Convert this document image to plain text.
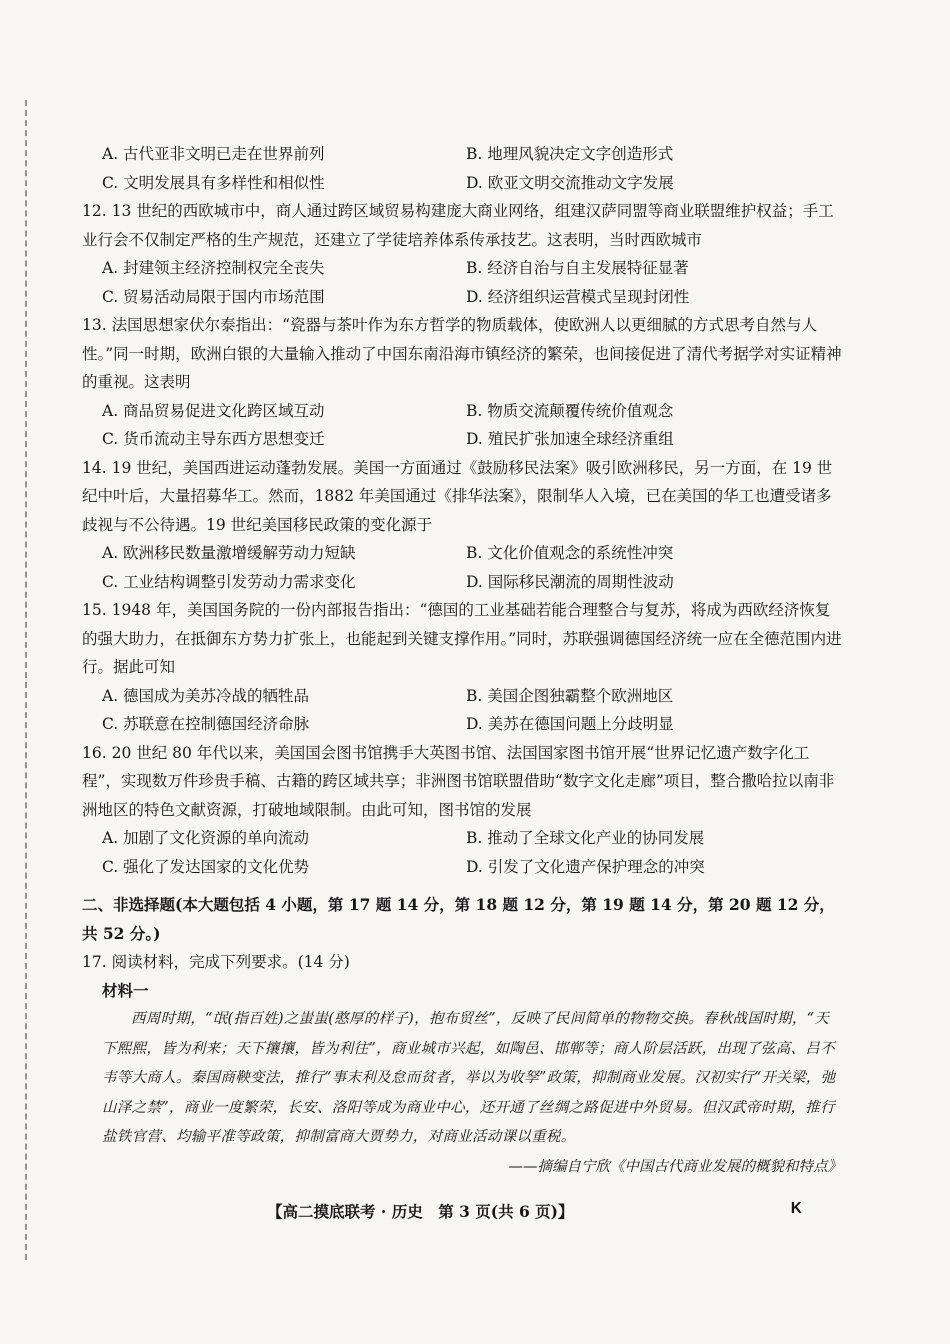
A. 古代亚非文明已走在世界前列	B. 地理风貌决定文字创造形式
C. 文明发展具有多样性和相似性	D. 欧亚文明交流推动文字发展

12. 13 世纪的西欧城市中，商人通过跨区域贸易构建庞大商业网络，组建汉萨同盟等商业联盟维护权益；手工业行会不仅制定严格的生产规范，还建立了学徒培养体系传承技艺。这表明，当时西欧城市

A. 封建领主经济控制权完全丧失	B. 经济自治与自主发展特征显著
C. 贸易活动局限于国内市场范围	D. 经济组织运营模式呈现封闭性

13. 法国思想家伏尔泰指出：“瓷器与茶叶作为东方哲学的物质载体，使欧洲人以更细腻的方式思考自然与人性。”同一时期，欧洲白银的大量输入推动了中国东南沿海市镇经济的繁荣，也间接促进了清代考据学对实证精神的重视。这表明

A. 商品贸易促进文化跨区域互动	B. 物质交流颠覆传统价值观念
C. 货币流动主导东西方思想变迁	D. 殖民扩张加速全球经济重组

14. 19 世纪，美国西进运动蓬勃发展。美国一方面通过《鼓励移民法案》吸引欧洲移民，另一方面，在 19 世纪中叶后，大量招募华工。然而，1882 年美国通过《排华法案》，限制华人入境，已在美国的华工也遭受诸多歧视与不公待遇。19 世纪美国移民政策的变化源于

A. 欧洲移民数量激增缓解劳动力短缺	B. 文化价值观念的系统性冲突
C. 工业结构调整引发劳动力需求变化	D. 国际移民潮流的周期性波动

15. 1948 年，美国国务院的一份内部报告指出：“德国的工业基础若能合理整合与复苏，将成为西欧经济恢复的强大助力，在抵御东方势力扩张上，也能起到关键支撑作用。”同时，苏联强调德国经济统一应在全德范围内进行。据此可知

A. 德国成为美苏冷战的牺牲品	B. 美国企图独霸整个欧洲地区
C. 苏联意在控制德国经济命脉	D. 美苏在德国问题上分歧明显

16. 20 世纪 80 年代以来，美国国会图书馆携手大英图书馆、法国国家图书馆开展“世界记忆遗产数字化工程”，实现数万件珍贵手稿、古籍的跨区域共享；非洲图书馆联盟借助“数字文化走廊”项目，整合撒哈拉以南非洲地区的特色文献资源，打破地域限制。由此可知，图书馆的发展

A. 加剧了文化资源的单向流动	B. 推动了全球文化产业的协同发展
C. 强化了发达国家的文化优势	D. 引发了文化遗产保护理念的冲突
二、非选择题(本大题包括 4 小题，第 17 题 14 分，第 18 题 12 分，第 19 题 14 分，第 20 题 12 分，共 52 分。)
17. 阅读材料，完成下列要求。(14 分)
材料一

西周时期，“氓(指百姓)之蚩蚩(憨厚的样子)，抱布贸丝”，反映了民间简单的物物交换。春秋战国时期，“天下熙熙，皆为利来；天下攘攘，皆为利往”，商业城市兴起，如陶邑、邯郸等；商人阶层活跃，出现了弦高、吕不韦等大商人。秦国商鞅变法，推行“事末利及怠而贫者，举以为收孥”政策，抑制商业发展。汉初实行“开关梁，弛山泽之禁”，商业一度繁荣，长安、洛阳等成为商业中心，还开通了丝绸之路促进中外贸易。但汉武帝时期，推行盐铁官营、均输平准等政策，抑制富商大贾势力，对商业活动课以重税。

——摘编自宁欣《中国古代商业发展的概貌和特点》
【高二摸底联考 · 历史　第 3 页(共 6 页)】	K
